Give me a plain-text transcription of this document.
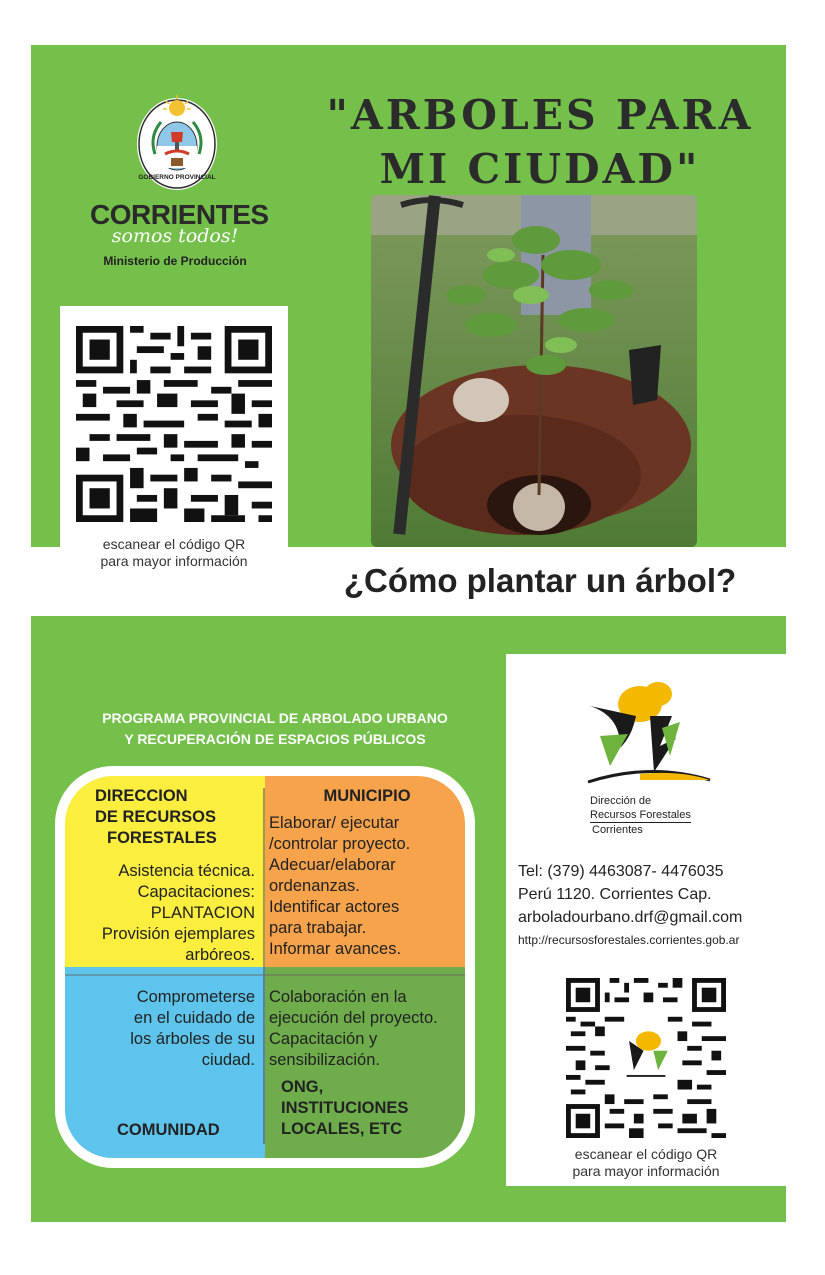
GOBIERNO PROVINCIAL
CORRIENTES
somos todos!
Ministerio de Producción
"ARBOLES PARA
MI CIUDAD"
escanear el código QR
para mayor información
¿Cómo plantar un árbol?
PROGRAMA PROVINCIAL DE ARBOLADO URBANO
Y RECUPERACIÓN DE ESPACIOS PÚBLICOS
DIRECCION
DE RECURSOS
FORESTALES
Asistencia técnica.
Capacitaciones:
PLANTACION
Provisión ejemplares
arbóreos.
MUNICIPIO
Elaborar/ ejecutar
/controlar proyecto.
Adecuar/elaborar
ordenanzas.
Identificar actores
para trabajar.
Informar avances.
Comprometerse
en el cuidado de
los árboles de su
ciudad.
COMUNIDAD
Colaboración en la
ejecución del proyecto.
Capacitación y
sensibilización.
ONG,
INSTITUCIONES
LOCALES, ETC
Dirección de
Recursos Forestales
Corrientes
Tel: (379) 4463087- 4476035
Perú 1120. Corrientes Cap.
arboladourbano.drf@gmail.com
http://recursosforestales.corrientes.gob.ar
escanear el código QR
para mayor información
